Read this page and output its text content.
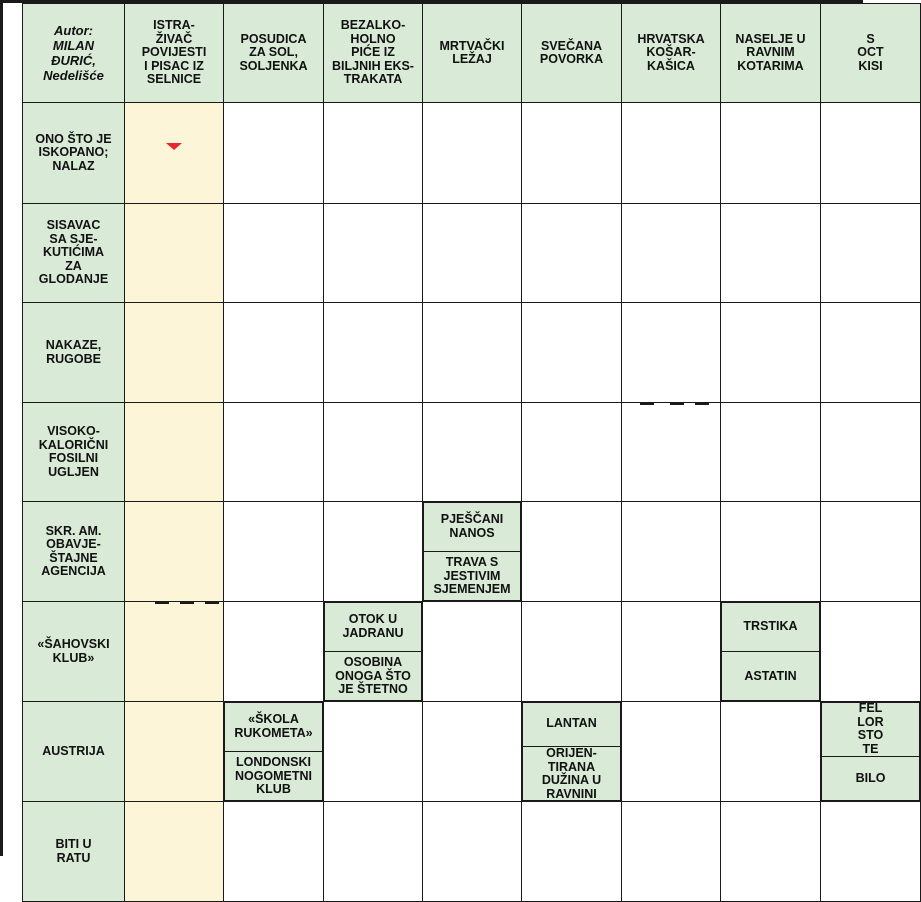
Autor:
MILAN
ĐURIĆ,
Nedelišće
ISTRA-
ŽIVAČ
POVIJESTI
I PISAC IZ
SELNICE
POSUDICA
ZA SOL,
SOLJENKA
BEZALKO-
HOLNO
PIĆE IZ
BILJNIH EKS-
TRAKATA
MRTVAČKI
LEŽAJ
SVEČANA
POVORKA
HRVATSKA
KOŠAR-
KAŠICA
NASELJE U
RAVNIM
KOTARIMA
S
OCT
KISI
ONO ŠTO JE
ISKOPANO;
NALAZ
SISAVAC
SA SJE-
KUTIĆIMA
ZA
GLODANJE
NAKAZE,
RUGOBE
VISOKO-
KALORIČNI
FOSILNI
UGLJEN
SKR. AM.
OBAVJE-
ŠTAJNE
AGENCIJA
«ŠAHOVSKI
KLUB»
AUSTRIJA
BITI U
RATU
PJEŠČANI
NANOS
TRAVA S
JESTIVIM
SJEMENJEM
OTOK U
JADRANU
OSOBINA
ONOGA ŠTO
JE ŠTETNO
TRSTIKA
ASTATIN
«ŠKOLA
RUKOMETA»
LONDONSKI
NOGOMETNI
KLUB
LANTAN
ORIJEN-
TIRANA
DUŽINA U
RAVNINI
FEL
LOR
STO
TE
BILO
